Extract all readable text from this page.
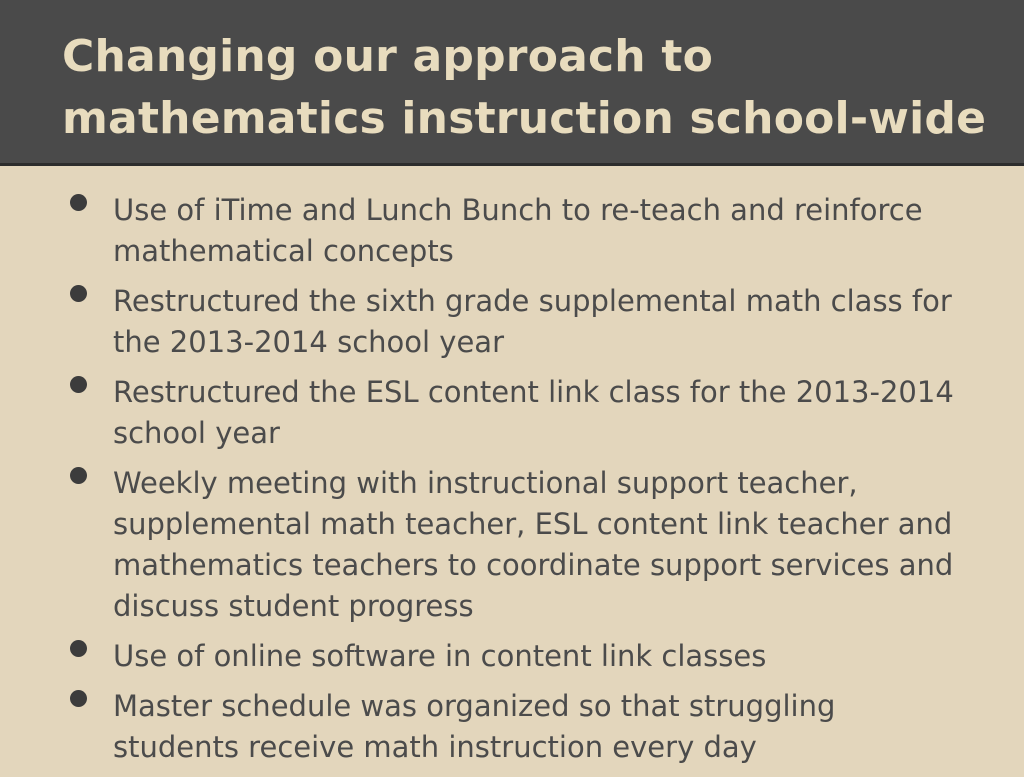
Changing our approach to mathematics instruction school-wide
Use of iTime and Lunch Bunch to re-teach and reinforce mathematical concepts
Restructured the sixth grade supplemental math class for the 2013-2014 school year
Restructured the ESL content link class for the 2013-2014 school year
Weekly meeting with instructional support teacher, supplemental math teacher, ESL content link teacher and mathematics teachers to coordinate support services and discuss student progress
Use of online software in content link classes
Master schedule was organized so that struggling students receive math instruction every day
